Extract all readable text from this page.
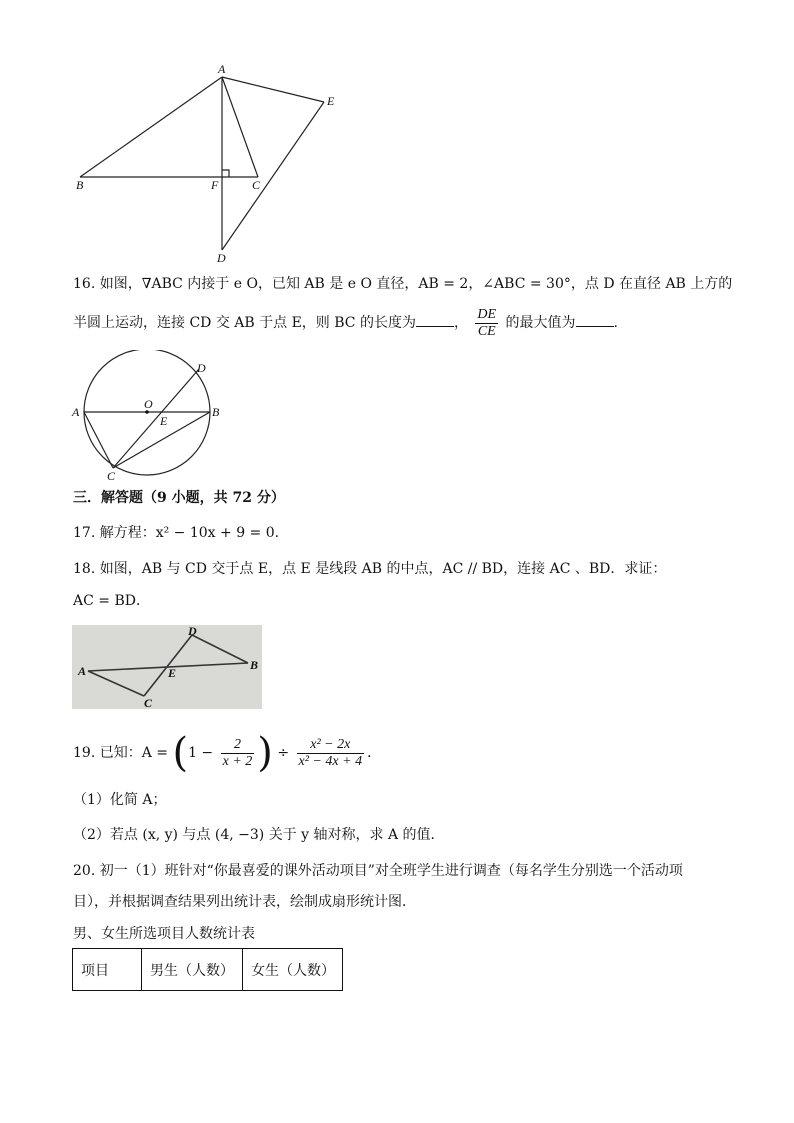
A
B	F	C
E
D
16. 如图，∇ABC 内接于 e O，已知 AB 是 e O 直径，AB = 2，∠ABC = 30°，点 D 在直径 AB 上方的
半圆上运动，连接 CD 交 AB 于点 E，则 BC 的长度为	， $\frac{DE}{CE}$ 的最大值为	.
A	B
O
E
D
C
三．解答题（9 小题，共 72 分）
17. 解方程：x² − 10x + 9 = 0.
18. 如图，AB 与 CD 交于点 E，点 E 是线段 AB 的中点，AC // BD，连接 AC 、BD．求证：
AC = BD．
A	B
C
D
E
19. 已知：$A = (1 - \frac{2}{x + 2}$ ) ÷ $\frac{\text{x² − 2x}}{\text{x² − 4x + 4}}$ ．
（1）化简 A；
（2）若点 (x, y) 与点 (4, −3) 关于 y 轴对称，求 A 的值．
20. 初一（1）班针对“你最喜爱的课外活动项目”对全班学生进行调查（每名学生分别选一个活动项
目），并根据调查结果列出统计表，绘制成扇形统计图．
男、女生所选项目人数统计表
项目	男生（人数）	女生（人数）
